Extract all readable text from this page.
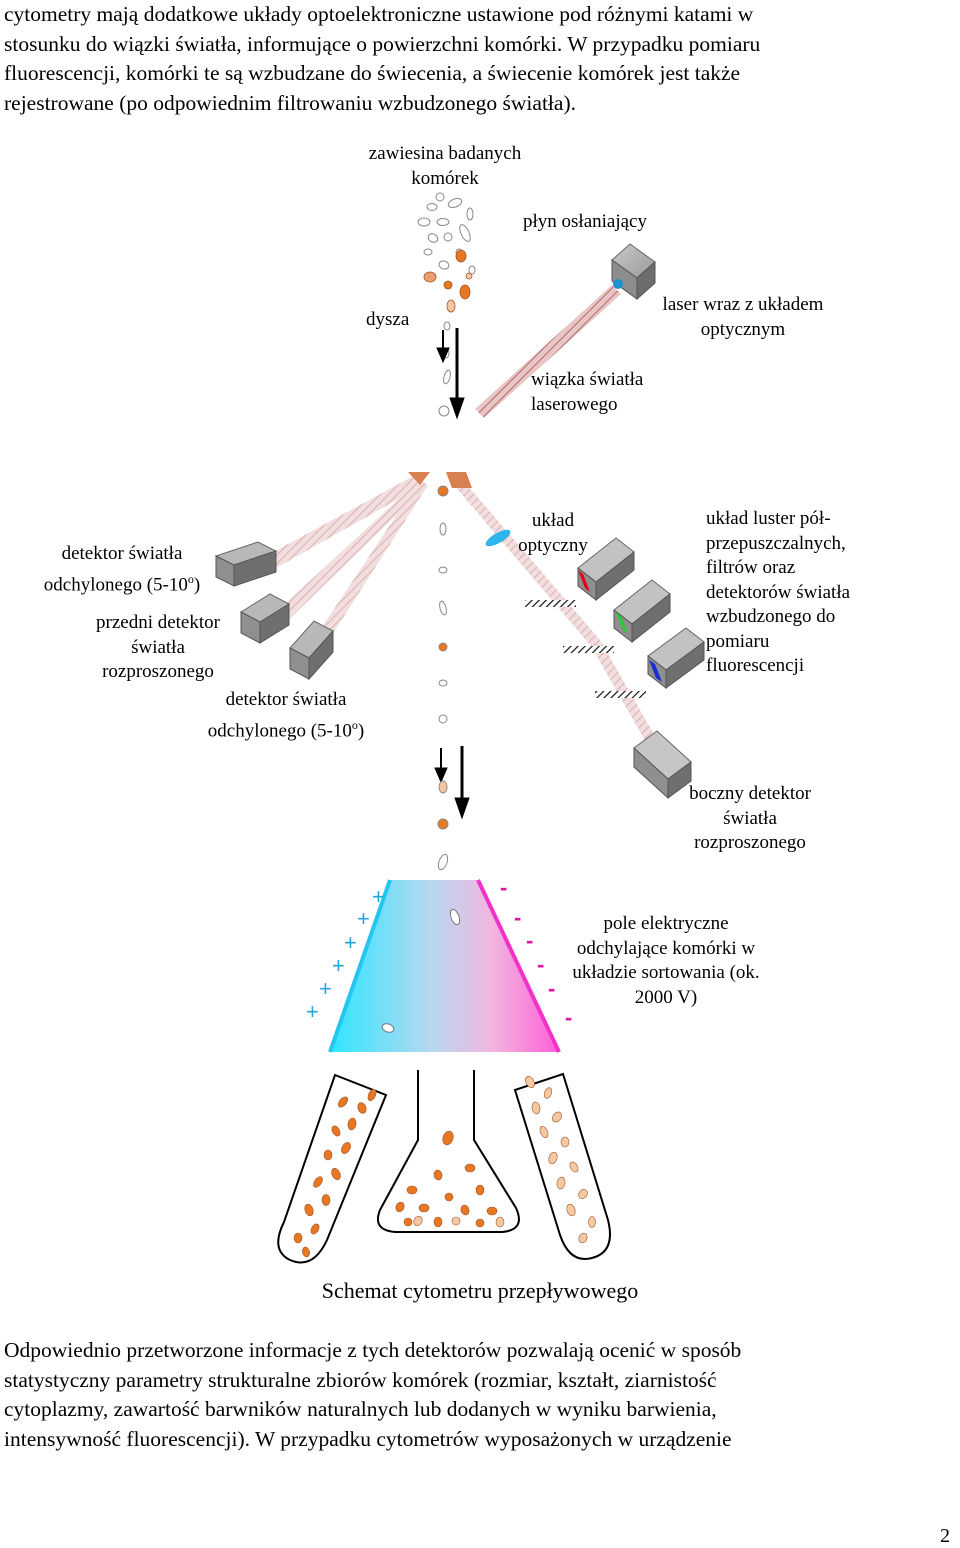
cytometry mają dodatkowe układy optoelektroniczne ustawione pod różnymi katami w
stosunku do wiązki światła, informujące o powierzchni komórki. W przypadku pomiaru
fluorescencji, komórki te są wzbudzane do świecenia, a świecenie komórek jest także
rejestrowane (po odpowiednim filtrowaniu wzbudzonego światła).
+
+
+
+
+
+
-
-
-
-
-
-
zawiesina badanych
komórek
płyn osłaniający
dysza
laser wraz z układem
optycznym
wiązka światła
laserowego
detektor światła
odchylonego (5-10$^o$)
przedni detektor
światła
rozproszonego
detektor światła
odchylonego (5-10$^o$)
układ
optyczny
układ luster pół-
przepuszczalnych,
filtrów oraz
detektorów światła
wzbudzonego do
pomiaru
fluorescencji
boczny detektor
światła
rozproszonego
pole elektryczne
odchylające komórki w
układzie sortowania (ok.
2000 V)
Schemat cytometru przepływowego
Odpowiednio przetworzone informacje z tych detektorów pozwalają ocenić w sposób
statystyczny parametry strukturalne zbiorów komórek (rozmiar, kształt, ziarnistość
cytoplazmy, zawartość barwników naturalnych lub dodanych w wyniku barwienia,
intensywność fluorescencji). W przypadku cytometrów wyposażonych w urządzenie
2
